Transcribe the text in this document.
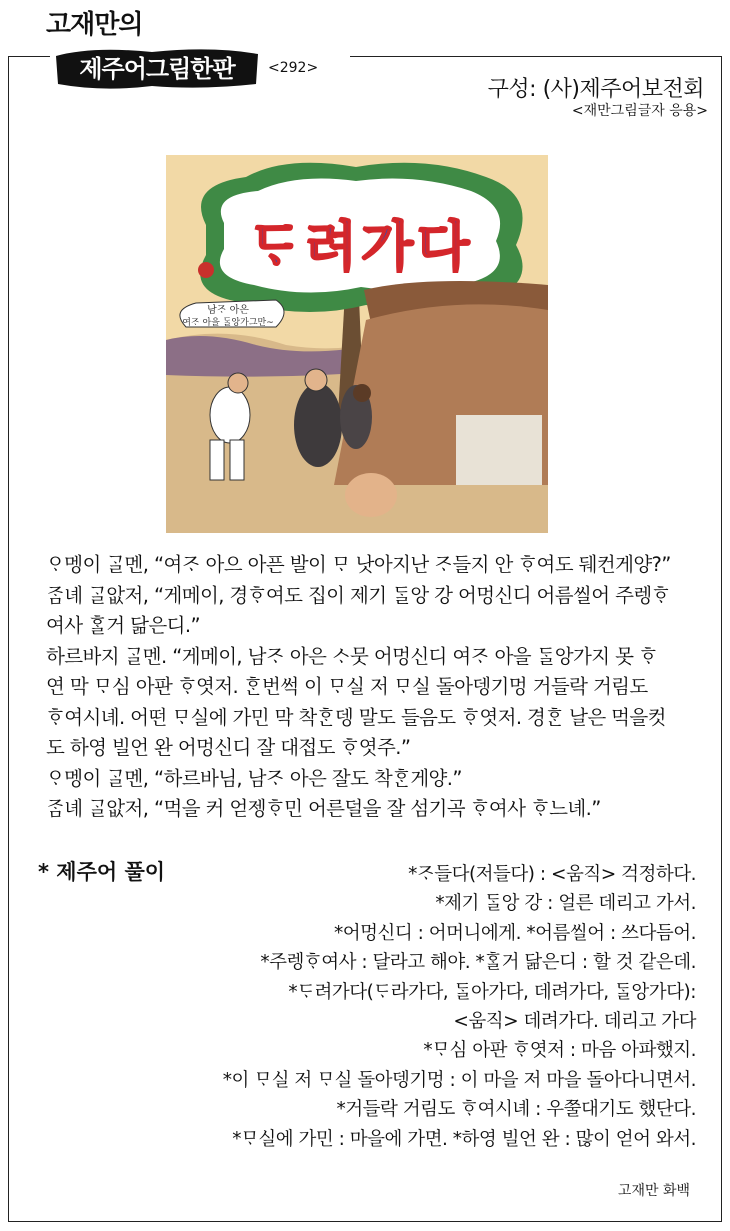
고재만의
제주어그림한판 <292>
구성: (사)제주어보전회
<재만그림글자 응용>
ᄃᆞ려가다
남ᄌᆞ 아은
여ᄌᆞ 아을 ᄃᆞᆯ앙가그만~

ᄋᆞ멩이 ᄀᆞᆯ멘, “여ᄌᆞ 아으 아픈 발이 ᄆᆞ 낫아지난 ᄌᆞ들지 안 ᄒᆞ여도 뒈컨게양?”

ᄌᆞᆷ녜 ᄀᆞᆯ앖저, “게메이, 경ᄒᆞ여도 집이 제기 ᄃᆞᆯ앙 강 어멍신디 어름씰어 주렝ᄒᆞ

여사 ᄒᆞᆯ거 닮은디.”

하르바지 ᄀᆞᆯ멘. “게메이, 남ᄌᆞ 아은 ᄉᆞ뭇 어멍신디 여ᄌᆞ 아을 ᄃᆞᆯ앙가지 못 ᄒᆞ

연 막 ᄆᆞ심 아판 ᄒᆞ엿저. ᄒᆞᆫ번썩 이 ᄆᆞ실 저 ᄆᆞ실 돌아뎅기멍 거들락 거림도

ᄒᆞ여시녜. 어떤 ᄆᆞ실에 가민 막 착ᄒᆞᆫ뎅 말도 들음도 ᄒᆞ엿저. 경ᄒᆞᆫ 날은 먹을컷

도 하영 빌언 완 어멍신디 잘 대접도 ᄒᆞ엿주.”

ᄋᆞ멩이 ᄀᆞᆯ멘, “하르바님, 남ᄌᆞ 아은 잘도 착ᄒᆞᆫ게양.”

ᄌᆞᆷ녜 ᄀᆞᆯ앖저, “먹을 커 얻젱ᄒᆞ민 어른덜을 잘 섬기곡 ᄒᆞ여사 ᄒᆞ느녜.”

* 제주어 풀이	*ᄌᆞ들다(저들다) : <움직> 걱정하다.
*제기 ᄃᆞᆯ앙 강 : 얼른 데리고 가서.
*어멍신디 : 어머니에게. *어름씰어 : 쓰다듬어.
*주렝ᄒᆞ여사 : 달라고 해야. *ᄒᆞᆯ거 닮은디 : 할 것 같은데.
*ᄃᆞ려가다(ᄃᆞ라가다, ᄃᆞᆯ아가다, 데려가다, ᄃᆞᆯ앙가다):
<움직> 데려가다. 데리고 가다
*ᄆᆞ심 아판 ᄒᆞ엿저 : 마음 아파했지.
*이 ᄆᆞ실 저 ᄆᆞ실 돌아뎅기멍 : 이 마을 저 마을 돌아다니면서.
*거들락 거림도 ᄒᆞ여시녜 : 우쭐대기도 했단다.
*ᄆᆞ실에 가민 : 마을에 가면. *하영 빌언 완 : 많이 얻어 와서.
고재만 화백
